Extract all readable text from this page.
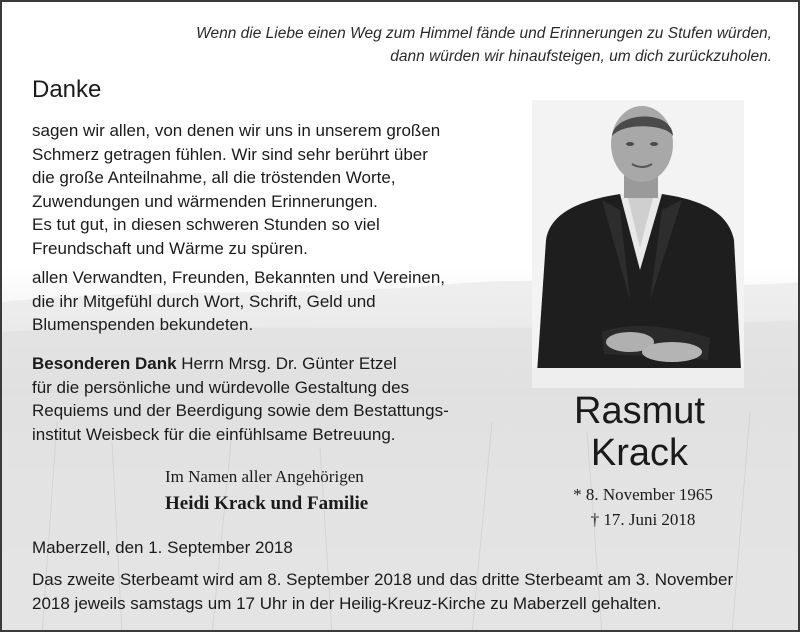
Wenn die Liebe einen Weg zum Himmel fände und Erinnerungen zu Stufen würden,
dann würden wir hinaufsteigen, um dich zurückzuholen.
Danke
sagen wir allen, von denen wir uns in unserem großen
Schmerz getragen fühlen. Wir sind sehr berührt über
die große Anteilnahme, all die tröstenden Worte,
Zuwendungen und wärmenden Erinnerungen.
Es tut gut, in diesen schweren Stunden so viel
Freundschaft und Wärme zu spüren.
allen Verwandten, Freunden, Bekannten und Vereinen,
die ihr Mitgefühl durch Wort, Schrift, Geld und
Blumenspenden bekundeten.
Besonderen Dank Herrn Mrsg. Dr. Günter Etzel
für die persönliche und würdevolle Gestaltung des
Requiems und der Beerdigung sowie dem Bestattungs-
institut Weisbeck für die einfühlsame Betreuung.
Im Namen aller Angehörigen
Heidi Krack und Familie
Maberzell, den 1. September 2018
Das zweite Sterbeamt wird am 8. September 2018 und das dritte Sterbeamt am 3. November
2018 jeweils samstags um 17 Uhr in der Heilig-Kreuz-Kirche zu Maberzell gehalten.
Rasmut
Krack
* 8. November 1965
† 17. Juni 2018
